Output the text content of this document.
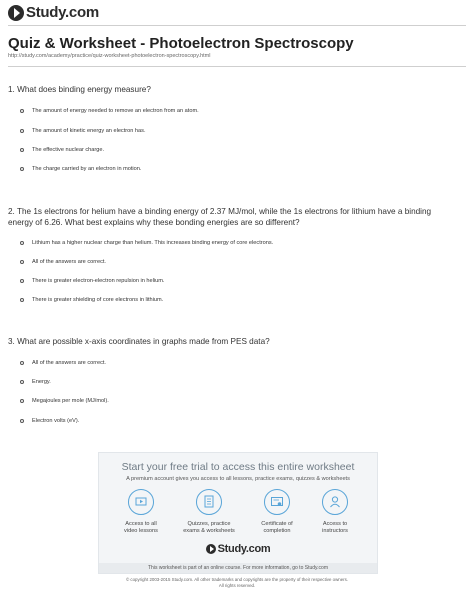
Study.com
Quiz & Worksheet - Photoelectron Spectroscopy
http://study.com/academy/practice/quiz-worksheet-photoelectron-spectroscopy.html
1. What does binding energy measure?
The amount of energy needed to remove an electron from an atom.
The amount of kinetic energy an electron has.
The effective nuclear charge.
The charge carried by an electron in motion.
2. The 1s electrons for helium have a binding energy of 2.37 MJ/mol, while the 1s electrons for lithium have a binding energy of 6.26. What best explains why these bonding energies are so different?
Lithium has a higher nuclear charge than helium. This increases binding energy of core electrons.
All of the answers are correct.
There is greater electron-electron repulsion in helium.
There is greater shielding of core electrons in lithium.
3. What are possible x-axis coordinates in graphs made from PES data?
All of the answers are correct.
Energy.
Megajoules per mole (MJ/mol).
Electron volts (eV).
Start your free trial to access this entire worksheet
A premium account gives you access to all lessons, practice exams, quizzes & worksheets
Access to all
video lessons
Quizzes, practice
exams & worksheets
Certificate of
completion
Access to
instructors
Study.com
This worksheet is part of an online course. For more information, go to Study.com
© copyright 2003-2015 Study.com. All other trademarks and copyrights are the property of their respective owners.
All rights reserved.
